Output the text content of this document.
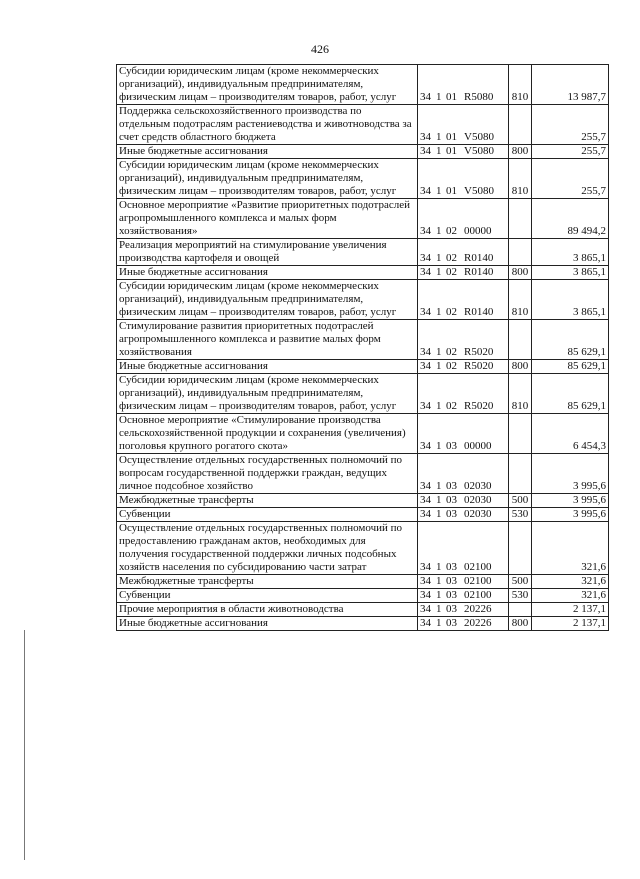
426
Субсидии юридическим лицам (кроме некоммерческих организаций), индивидуальным предпринимателям, физическим лицам – производителям товаров, работ, услуг	34 1 01 R5080	810	13 987,7
Поддержка сельскохозяйственного производства по отдельным подотраслям растениеводства и животноводства за счет средств областного бюджета	34 1 01 V5080		255,7
Иные бюджетные ассигнования	34 1 01 V5080	800	255,7
Субсидии юридическим лицам (кроме некоммерческих организаций), индивидуальным предпринимателям, физическим лицам – производителям товаров, работ, услуг	34 1 01 V5080	810	255,7
Основное мероприятие «Развитие приоритетных подотраслей агропромышленного комплекса и малых форм хозяйствования»	34 1 02 00000		89 494,2
Реализация мероприятий на стимулирование увеличения производства картофеля и овощей	34 1 02 R0140		3 865,1
Иные бюджетные ассигнования	34 1 02 R0140	800	3 865,1
Субсидии юридическим лицам (кроме некоммерческих организаций), индивидуальным предпринимателям, физическим лицам – производителям товаров, работ, услуг	34 1 02 R0140	810	3 865,1
Стимулирование развития приоритетных подотраслей агропромышленного комплекса и развитие малых форм хозяйствования	34 1 02 R5020		85 629,1
Иные бюджетные ассигнования	34 1 02 R5020	800	85 629,1
Субсидии юридическим лицам (кроме некоммерческих организаций), индивидуальным предпринимателям, физическим лицам – производителям товаров, работ, услуг	34 1 02 R5020	810	85 629,1
Основное мероприятие «Стимулирование производства сельскохозяйственной продукции и сохранения (увеличения) поголовья крупного рогатого скота»	34 1 03 00000		6 454,3
Осуществление отдельных государственных полномочий по вопросам государственной поддержки граждан, ведущих личное подсобное хозяйство	34 1 03 02030		3 995,6
Межбюджетные трансферты	34 1 03 02030	500	3 995,6
Субвенции	34 1 03 02030	530	3 995,6
Осуществление отдельных государственных полномочий по предоставлению гражданам актов, необходимых для получения государственной поддержки личных подсобных хозяйств населения по субсидированию части затрат	34 1 03 02100		321,6
Межбюджетные трансферты	34 1 03 02100	500	321,6
Субвенции	34 1 03 02100	530	321,6
Прочие мероприятия в области животноводства	34 1 03 20226		2 137,1
Иные бюджетные ассигнования	34 1 03 20226	800	2 137,1
